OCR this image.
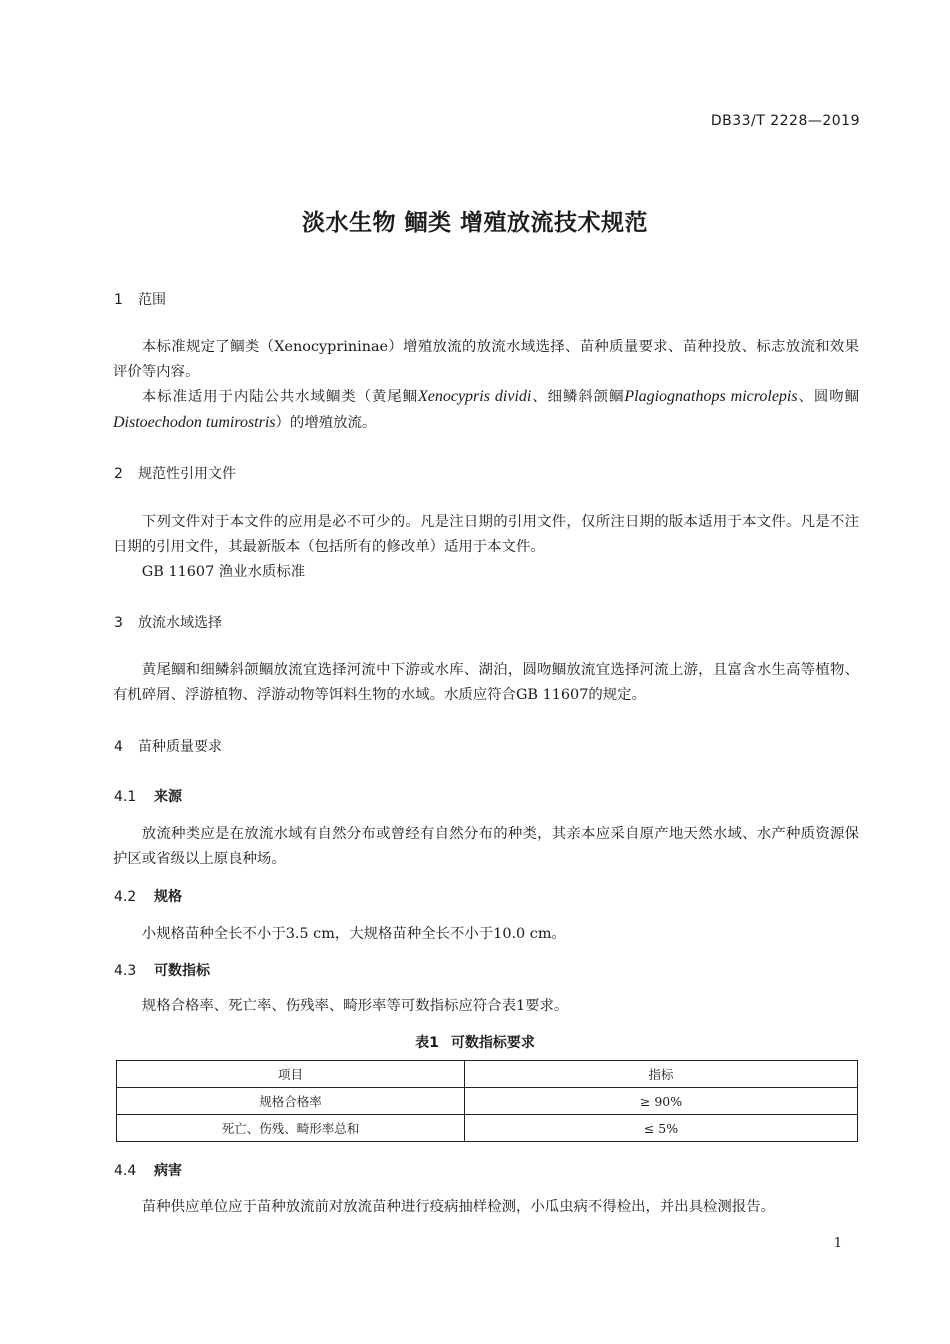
DB33/T 2228—2019
淡水生物 鲴类 增殖放流技术规范
1 范围

本标准规定了鲴类（Xenocyprininae）增殖放流的放流水域选择、苗种质量要求、苗种投放、标志放流和效果评价等内容。

本标准适用于内陆公共水域鲴类（黄尾鲴Xenocypris dividi、细鳞斜颌鲴Plagiognathops microlepis、圆吻鲴Distoechodon tumirostris）的增殖放流。

2 规范性引用文件

下列文件对于本文件的应用是必不可少的。凡是注日期的引用文件，仅所注日期的版本适用于本文件。凡是不注日期的引用文件，其最新版本（包括所有的修改单）适用于本文件。

GB 11607 渔业水质标准
3 放流水域选择

黄尾鲴和细鳞斜颌鲴放流宜选择河流中下游或水库、湖泊，圆吻鲴放流宜选择河流上游，且富含水生高等植物、有机碎屑、浮游植物、浮游动物等饵料生物的水域。水质应符合GB 11607的规定。

4 苗种质量要求
4.1 来源

放流种类应是在放流水域有自然分布或曾经有自然分布的种类，其亲本应采自原产地天然水域、水产种质资源保护区或省级以上原良种场。

4.2 规格

小规格苗种全长不小于3.5 cm，大规格苗种全长不小于10.0 cm。

4.3 可数指标

规格合格率、死亡率、伤残率、畸形率等可数指标应符合表1要求。

表1 可数指标要求
项目	指标
规格合格率	≥ 90%
死亡、伤残、畸形率总和	≤ 5%
4.4 病害

苗种供应单位应于苗种放流前对放流苗种进行疫病抽样检测，小瓜虫病不得检出，并出具检测报告。

1
